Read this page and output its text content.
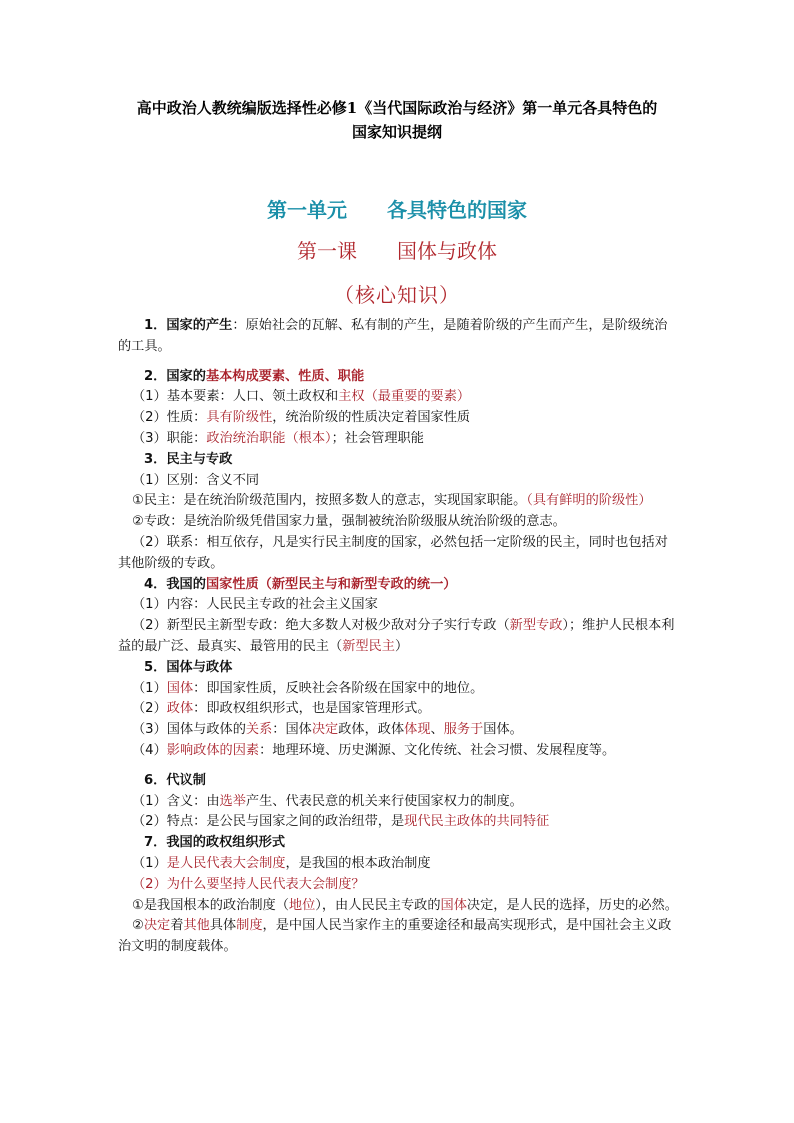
高中政治人教统编版选择性必修1《当代国际政治与经济》第一单元各具特色的
国家知识提纲
第一单元　　各具特色的国家
第一课　　国体与政体
（核心知识）

1．国家的产生：原始社会的瓦解、私有制的产生，是随着阶级的产生而产生，是阶级统治的工具。

2．国家的基本构成要素、性质、职能

（1）基本要素：人口、领土政权和主权（最重要的要素）

（2）性质：具有阶级性，统治阶级的性质决定着国家性质

（3）职能：政治统治职能（根本）；社会管理职能

3．民主与专政

（1）区别：含义不同

①民主：是在统治阶级范围内，按照多数人的意志，实现国家职能。（具有鲜明的阶级性）

②专政：是统治阶级凭借国家力量，强制被统治阶级服从统治阶级的意志。

（2）联系：相互依存，凡是实行民主制度的国家，必然包括一定阶级的民主，同时也包括对其他阶级的专政。

4．我国的国家性质（新型民主与和新型专政的统一）

（1）内容：人民民主专政的社会主义国家

（2）新型民主新型专政：绝大多数人对极少敌对分子实行专政（新型专政）；维护人民根本利益的最广泛、最真实、最管用的民主（新型民主）

5．国体与政体

（1）国体：即国家性质，反映社会各阶级在国家中的地位。

（2）政体：即政权组织形式，也是国家管理形式。

（3）国体与政体的关系：国体决定政体，政体体现、服务于国体。

（4）影响政体的因素：地理环境、历史渊源、文化传统、社会习惯、发展程度等。

6．代议制

（1）含义：由选举产生、代表民意的机关来行使国家权力的制度。

（2）特点：是公民与国家之间的政治纽带，是现代民主政体的共同特征

7．我国的政权组织形式

（1）是人民代表大会制度，是我国的根本政治制度

（2）为什么要坚持人民代表大会制度？

①是我国根本的政治制度（地位），由人民民主专政的国体决定，是人民的选择，历史的必然。

②决定着其他具体制度，是中国人民当家作主的重要途径和最高实现形式，是中国社会主义政治文明的制度载体。
